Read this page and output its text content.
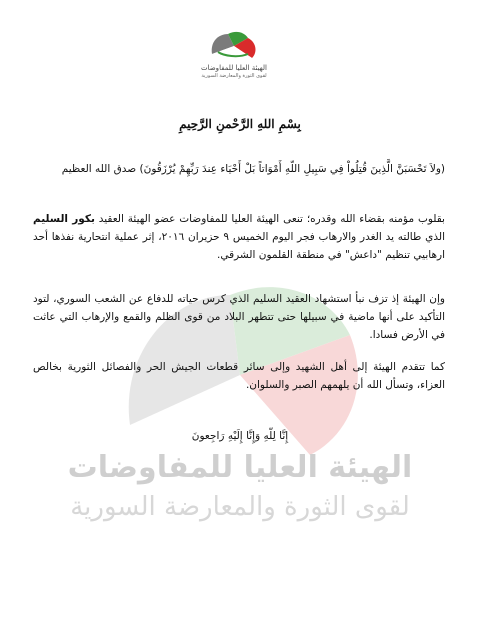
الهيئة العليا للمفاوضات
لقوى الثورة والمعارضة السورية
الهيئة العليا للمفاوضات
لقوى الثورة والمعارضة السورية
بِسْمِ اللهِ الرَّحْمنِ الرَّحِيمِ
(ولاَ تَحْسَبَنَّ الَّذِينَ قُتِلُواْ فِي سَبِيلِ اللّهِ أَمْوَاتاً بَلْ أَحْيَاء عِندَ رَبِّهِمْ يُرْزَقُونَ) صدق الله العظيم
بقلوب مؤمنه بقضاء الله وقدره؛ تنعى الهيئة العليا للمفاوضات عضو الهيئة العقيد بكور السليم الذي طالته يد الغدر والارهاب فجر اليوم الخميس ٩ حزيران ٢٠١٦، إثر عملية انتحارية نفذها أحد ارهابيي تنظيم "داعش" في منطقة القلمون الشرقي.
وإن الهيئة إذ تزف نبأ استشهاد العقيد السليم الذي كرس حياته للدفاع عن الشعب السوري، لتود التأكيد على أنها ماضية في سبيلها حتى تتطهر البلاد من قوى الظلم والقمع والإرهاب التي عاثت في الأرض فسادا.
كما تتقدم الهيئة إلى أهل الشهيد وإلى سائر قطعات الجيش الحر والفصائل الثورية بخالص العزاء، وتسأل الله أن يلهمهم الصبر والسلوان.
إِنَّا لِلّهِ وَإِنَّا إِلَيْهِ رَاجِعونَ
